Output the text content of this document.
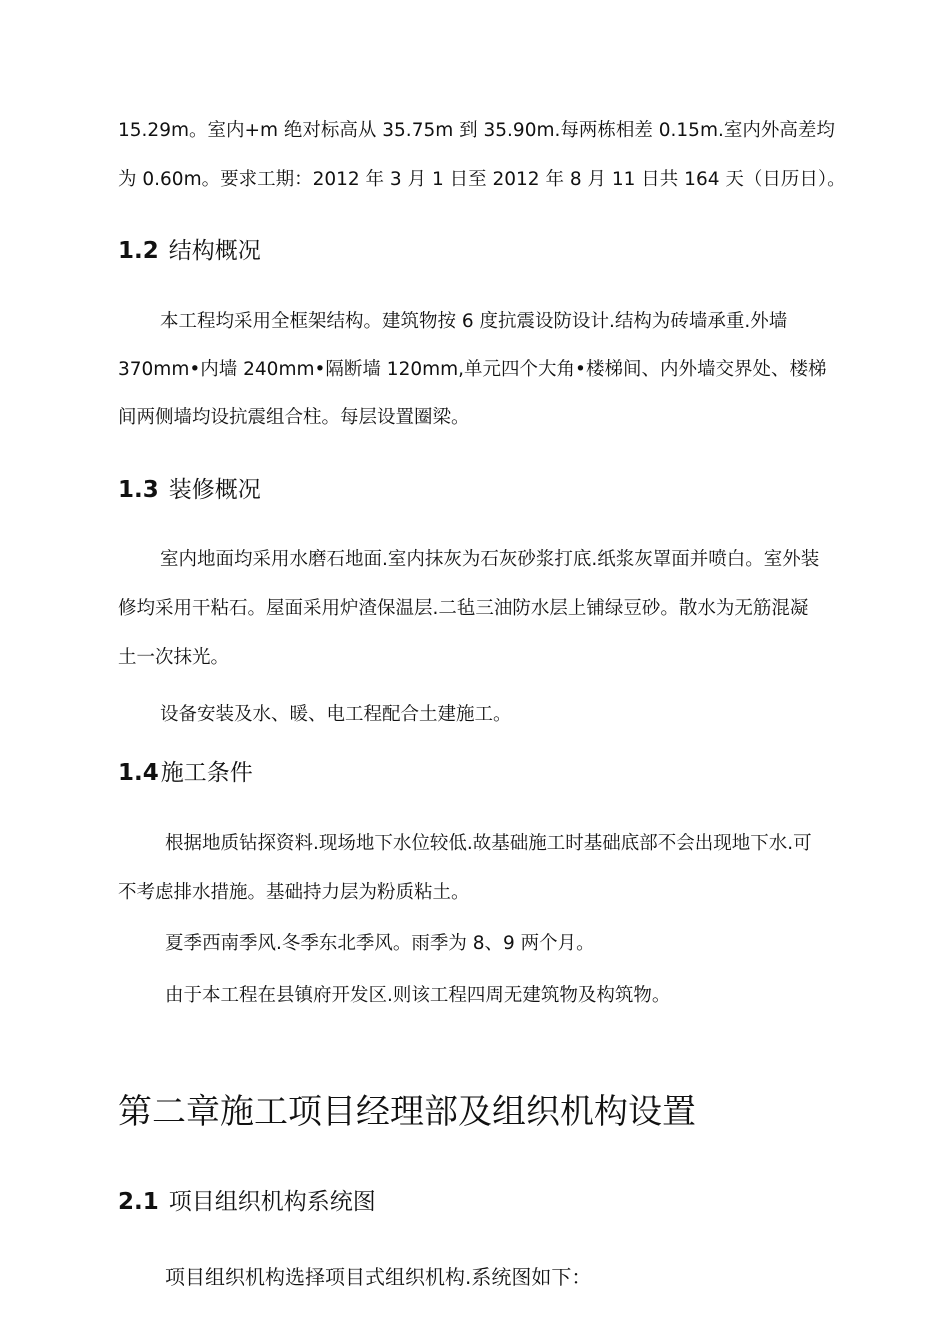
15.29m。室内+m 绝对标高从 35.75m 到 35.90m.每两栋相差 0.15m.室内外高差均
为 0.60m。要求工期：2012 年 3 月 1 日至 2012 年 8 月 11 日共 164 天（日历日）。
1.2 结构概况
本工程均采用全框架结构。建筑物按 6 度抗震设防设计.结构为砖墙承重.外墙
370mm•内墙 240mm•隔断墙 120mm,单元四个大角•楼梯间、内外墙交界处、楼梯
间两侧墙均设抗震组合柱。每层设置圈梁。
1.3 装修概况
室内地面均采用水磨石地面.室内抹灰为石灰砂浆打底.纸浆灰罩面并喷白。室外装
修均采用干粘石。屋面采用炉渣保温层.二毡三油防水层上铺绿豆砂。散水为无筋混凝
土一次抹光。
设备安装及水、暖、电工程配合土建施工。
1.4施工条件
根据地质钻探资料.现场地下水位较低.故基础施工时基础底部不会出现地下水.可
不考虑排水措施。基础持力层为粉质粘土。
夏季西南季风.冬季东北季风。雨季为 8、9 两个月。
由于本工程在县镇府开发区.则该工程四周无建筑物及构筑物。
第二章施工项目经理部及组织机构设置
2.1 项目组织机构系统图
项目组织机构选择项目式组织机构.系统图如下：
